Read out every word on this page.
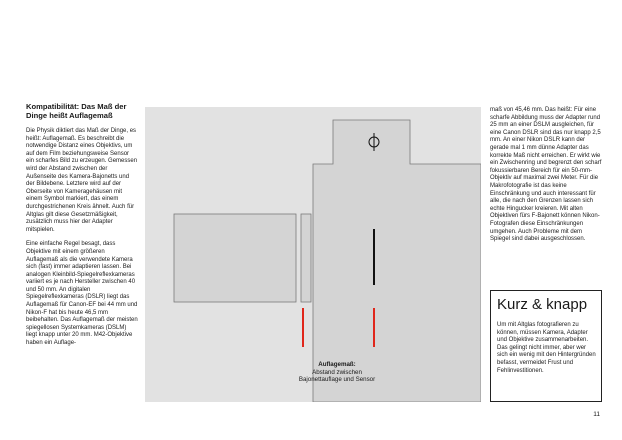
Kompatibilität: Das Maß der Dinge heißt Auflagemaß

Die Physik diktiert das Maß der Dinge, es heißt: Auflagemaß. Es beschreibt die notwendige Distanz eines Objektivs, um auf dem Film beziehungsweise Sensor ein scharfes Bild zu erzeugen. Gemessen wird der Abstand zwischen der Außenseite des Kamera-Bajonetts und der Bildebene. Letztere wird auf der Oberseite von Kameragehäusen mit einem Symbol markiert, das einem durchgestrichenen Kreis ähnelt. Auch für Altglas gilt diese Gesetzmäßigkeit, zusätzlich muss hier der Adapter mitspielen.

Eine einfache Regel besagt, dass Objektive mit einem größeren Auflagemaß als die verwendete Kamera sich (fast) immer adaptieren lassen. Bei analogen Kleinbild-Spiegelreflexkameras variiert es je nach Hersteller zwischen 40 und 50 mm. An digitalen Spiegelreflexkameras (DSLR) liegt das Auflagemaß für Canon-EF bei 44 mm und Nikon-F hat bis heute 46,5 mm beibehalten. Das Auflagemaß der meisten spiegellosen Systemkameras (DSLM) liegt knapp unter 20 mm. M42-Objektive haben ein Auflage-

Auflagemaß:
Abstand zwischen Bajonettauflage und Sensor

maß von 45,46 mm. Das heißt: Für eine scharfe Abbildung muss der Adapter rund 25 mm an einer DSLM ausgleichen, für eine Canon DSLR sind das nur knapp 2,5 mm. An einer Nikon DSLR kann der gerade mal 1 mm dünne Adapter das korrekte Maß nicht erreichen. Er wirkt wie ein Zwischenring und begrenzt den scharf fokussierbaren Bereich für ein 50-mm-Objektiv auf maximal zwei Meter. Für die Makrofotografie ist das keine Einschränkung und auch interessant für alle, die nach den Grenzen lassen sich echte Hingucker kreieren. Mit alten Objektiven fürs F-Bajonett können Nikon-Fotografen diese Einschränkungen umgehen. Auch Probleme mit dem Spiegel sind dabei ausgeschlossen.

Kurz & knapp

Um mit Altglas fotografieren zu können, müssen Kamera, Adapter und Objektive zusammenarbeiten. Das gelingt nicht immer, aber wer sich ein wenig mit den Hintergründen befasst, vermeidet Frust und Fehlinvestitionen.

11
